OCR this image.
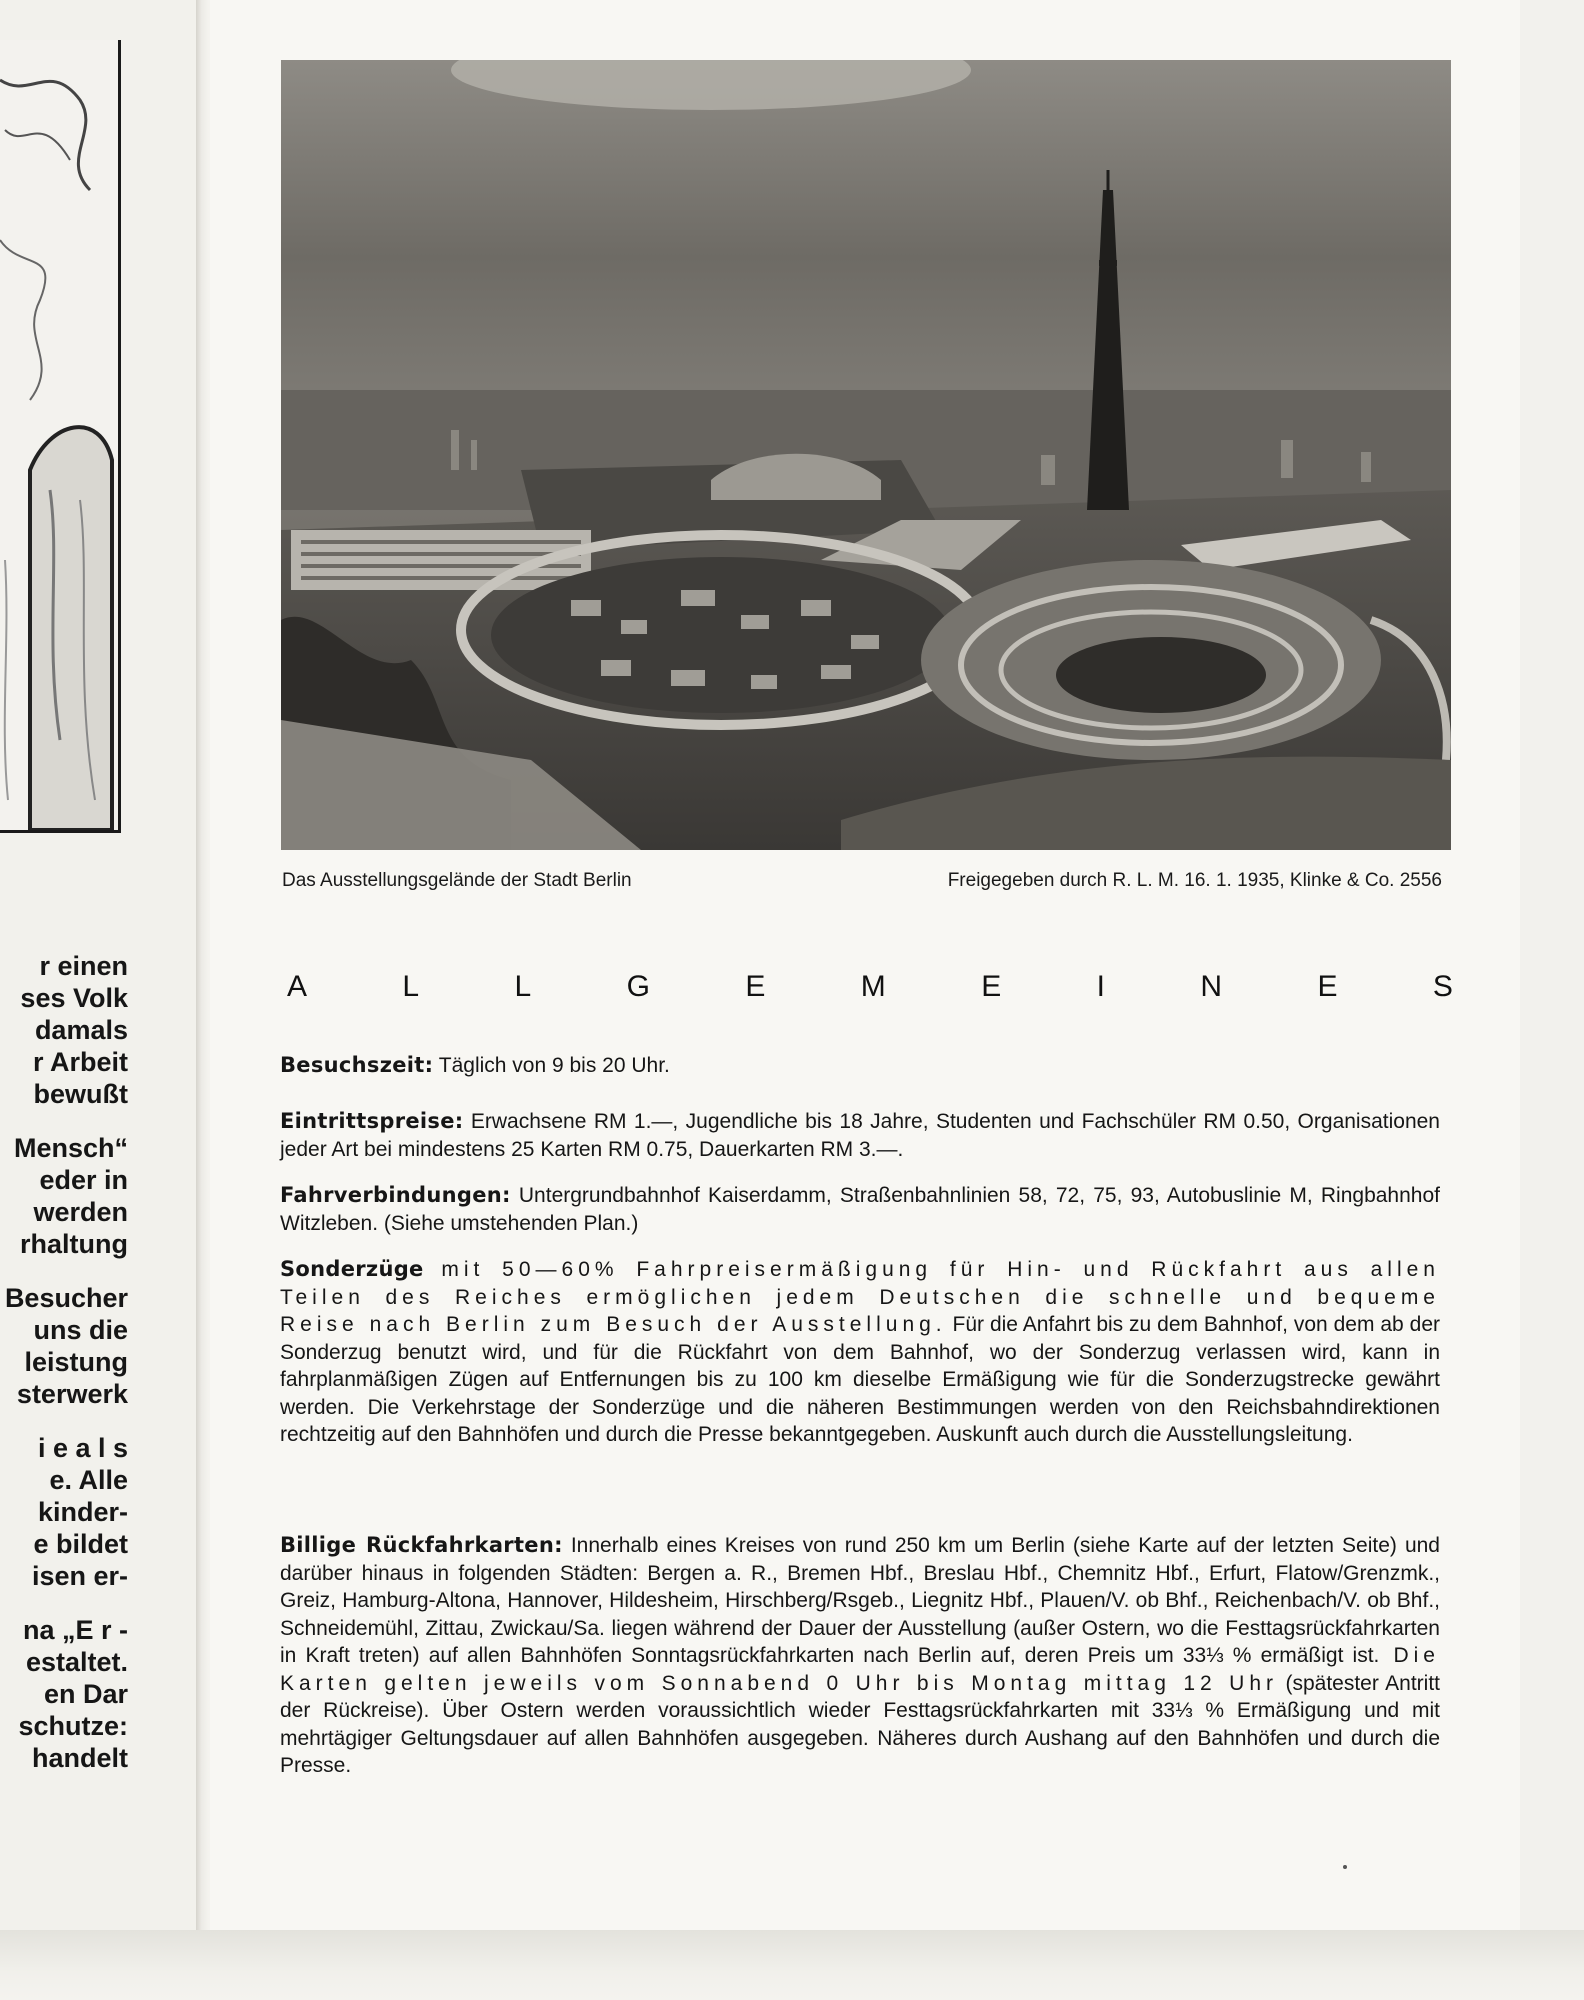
r einen
ses Volk
damals
r Arbeit
bewußt
Mensch“
eder in
werden
rhaltung
Besucher
uns die
leistung
sterwerk
i e a l s
e. Alle
kinder-
e bildet
isen er-
na „E r -
estaltet.
en Dar
schutze:
handelt
Das Ausstellungsgelände der Stadt Berlin	Freigegeben durch R. L. M. 16. 1. 1935, Klinke & Co. 2556
A	L	L	G	E	M	E	I	N	E	S
Besuchszeit: Täglich von 9 bis 20 Uhr.
Eintrittspreise: Erwachsene RM 1.—, Jugendliche bis 18 Jahre, Studenten und Fachschüler RM 0.50, Organisationen jeder Art bei mindestens 25 Karten RM 0.75, Dauerkarten RM 3.—.
Fahrverbindungen: Untergrundbahnhof Kaiserdamm, Straßenbahnlinien 58, 72, 75, 93, Autobuslinie M, Ringbahnhof Witzleben. (Siehe umstehenden Plan.)
Sonderzüge mit 50—60% Fahrpreisermäßigung für Hin- und Rückfahrt aus allen Teilen des Reiches ermöglichen jedem Deutschen die schnelle und bequeme Reise nach Berlin zum Besuch der Ausstellung. Für die Anfahrt bis zu dem Bahnhof, von dem ab der Sonderzug benutzt wird, und für die Rückfahrt von dem Bahnhof, wo der Sonderzug verlassen wird, kann in fahrplanmäßigen Zügen auf Entfernungen bis zu 100 km dieselbe Ermäßigung wie für die Sonderzugstrecke gewährt werden. Die Verkehrstage der Sonderzüge und die näheren Bestimmungen werden von den Reichsbahndirektionen rechtzeitig auf den Bahnhöfen und durch die Presse bekanntgegeben. Auskunft auch durch die Ausstellungsleitung.
Billige Rückfahrkarten: Innerhalb eines Kreises von rund 250 km um Berlin (siehe Karte auf der letzten Seite) und darüber hinaus in folgenden Städten: Bergen a. R., Bremen Hbf., Breslau Hbf., Chemnitz Hbf., Erfurt, Flatow/Grenzmk., Greiz, Hamburg-Altona, Hannover, Hildesheim, Hirschberg/Rsgeb., Liegnitz Hbf., Plauen/V. ob Bhf., Reichenbach/V. ob Bhf., Schneidemühl, Zittau, Zwickau/Sa. liegen während der Dauer der Ausstellung (außer Ostern, wo die Festtagsrückfahrkarten in Kraft treten) auf allen Bahnhöfen Sonntagsrückfahrkarten nach Berlin auf, deren Preis um 33⅓ % ermäßigt ist. Die Karten gelten jeweils vom Sonnabend 0 Uhr bis Montag mittag 12 Uhr (spätester Antritt der Rückreise). Über Ostern werden voraussichtlich wieder Festtagsrückfahrkarten mit 33⅓ % Ermäßigung und mit mehrtägiger Geltungsdauer auf allen Bahnhöfen ausgegeben. Näheres durch Aushang auf den Bahnhöfen und durch die Presse.
